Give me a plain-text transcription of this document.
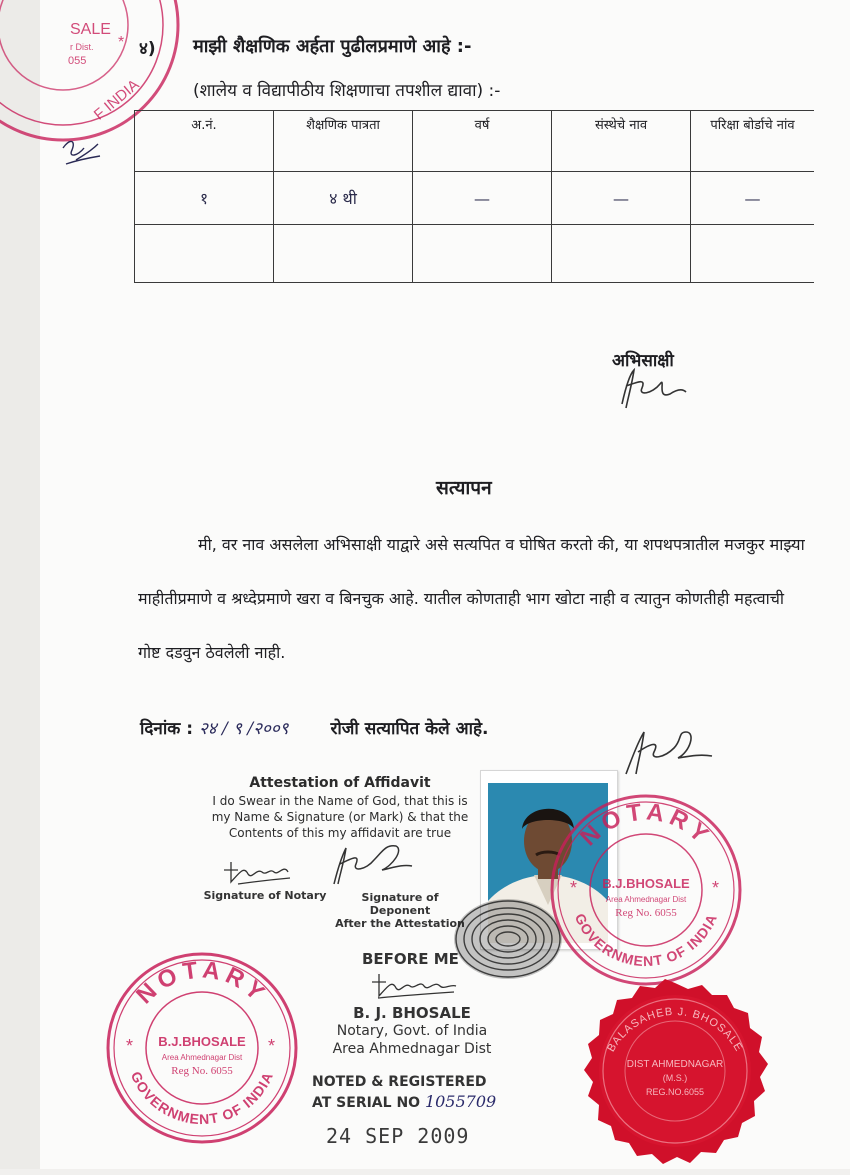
SALE
r Dist.
055
F INDIA
* ४) माझी शैक्षणिक अर्हता पुढीलप्रमाणे आहे :-
(शालेय व विद्यापीठीय शिक्षणाचा तपशील द्यावा) :-
अ.नं.	शैक्षणिक पात्रता	वर्ष	संस्थेचे नाव	परिक्षा बोर्डाचे नांव
१	४ थी	—	—	—

अभिसाक्षी
सत्यापन
मी, वर नाव असलेला अभिसाक्षी याद्वारे असे सत्यपित व घोषित करतो की, या शपथपत्रातील मजकुर माझ्या माहीतीप्रमाणे व श्रध्देप्रमाणे खरा व बिनचुक आहे. यातील कोणताही भाग खोटा नाही व त्यातुन कोणतीही महत्वाची गोष्ट दडवुन ठेवलेली नाही.
दिनांक : २४ / ९ /२००९ रोजी सत्यापित केले आहे.
Attestation of Affidavit
I do Swear in the Name of God, that this is
my Name & Signature (or Mark) & that the
Contents of this my affidavit are true
Signature of Notary	Signature of Deponent
After the Attestation
BEFORE ME
B. J. BHOSALE
Notary, Govt. of India
Area Ahmednagar Dist
NOTED & REGISTERED
AT SERIAL NO 1055709
24 SEP 2009
NOTARY
GOVERNMENT OF INDIA
B.J.BHOSALE
Area Ahmednagar Dist
Reg No. 6055
*	*
NOTARY
GOVERNMENT OF INDIA
B.J.BHOSALE
Area Ahmednagar Dist
Reg No. 6055
*	*	BALASAHEB J. BHOSALE
DIST AHMEDNAGAR
(M.S.)
REG.NO.6055
